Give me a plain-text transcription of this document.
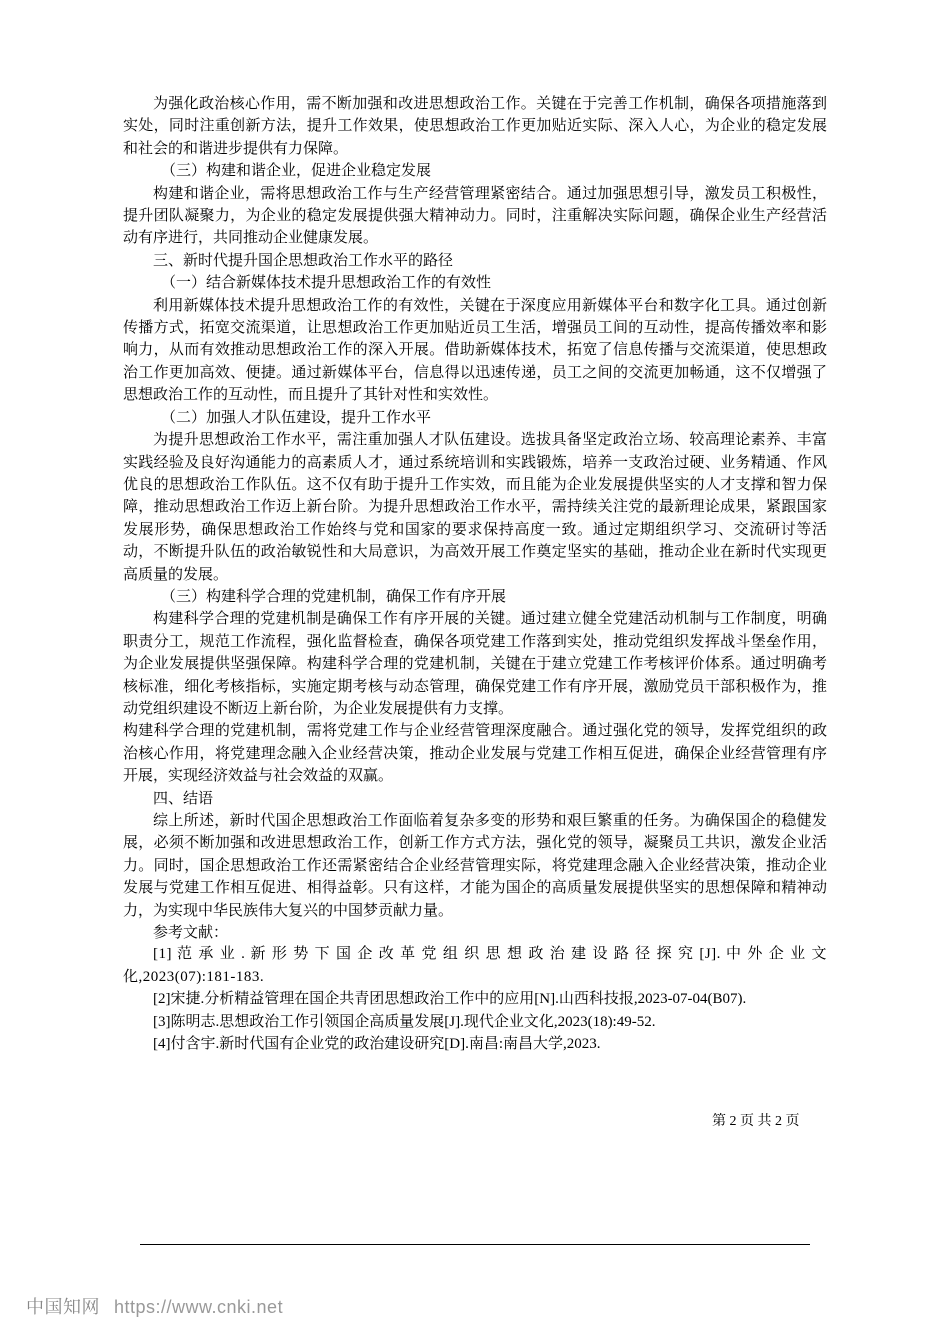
为强化政治核心作用，需不断加强和改进思想政治工作。关键在于完善工作机制，确保各项措施落到实处，同时注重创新方法，提升工作效果，使思想政治工作更加贴近实际、深入人心，为企业的稳定发展和社会的和谐进步提供有力保障。

（三）构建和谐企业，促进企业稳定发展

构建和谐企业，需将思想政治工作与生产经营管理紧密结合。通过加强思想引导，激发员工积极性，提升团队凝聚力，为企业的稳定发展提供强大精神动力。同时，注重解决实际问题，确保企业生产经营活动有序进行，共同推动企业健康发展。

三、新时代提升国企思想政治工作水平的路径

（一）结合新媒体技术提升思想政治工作的有效性

利用新媒体技术提升思想政治工作的有效性，关键在于深度应用新媒体平台和数字化工具。通过创新传播方式，拓宽交流渠道，让思想政治工作更加贴近员工生活，增强员工间的互动性，提高传播效率和影响力，从而有效推动思想政治工作的深入开展。借助新媒体技术，拓宽了信息传播与交流渠道，使思想政治工作更加高效、便捷。通过新媒体平台，信息得以迅速传递，员工之间的交流更加畅通，这不仅增强了思想政治工作的互动性，而且提升了其针对性和实效性。

（二）加强人才队伍建设，提升工作水平

为提升思想政治工作水平，需注重加强人才队伍建设。选拔具备坚定政治立场、较高理论素养、丰富实践经验及良好沟通能力的高素质人才，通过系统培训和实践锻炼，培养一支政治过硬、业务精通、作风优良的思想政治工作队伍。这不仅有助于提升工作实效，而且能为企业发展提供坚实的人才支撑和智力保障，推动思想政治工作迈上新台阶。为提升思想政治工作水平，需持续关注党的最新理论成果，紧跟国家发展形势，确保思想政治工作始终与党和国家的要求保持高度一致。通过定期组织学习、交流研讨等活动，不断提升队伍的政治敏锐性和大局意识，为高效开展工作奠定坚实的基础，推动企业在新时代实现更高质量的发展。

（三）构建科学合理的党建机制，确保工作有序开展

构建科学合理的党建机制是确保工作有序开展的关键。通过建立健全党建活动机制与工作制度，明确职责分工，规范工作流程，强化监督检查，确保各项党建工作落到实处，推动党组织发挥战斗堡垒作用，为企业发展提供坚强保障。构建科学合理的党建机制，关键在于建立党建工作考核评价体系。通过明确考核标准，细化考核指标，实施定期考核与动态管理，确保党建工作有序开展，激励党员干部积极作为，推动党组织建设不断迈上新台阶，为企业发展提供有力支撑。

构建科学合理的党建机制，需将党建工作与企业经营管理深度融合。通过强化党的领导，发挥党组织的政治核心作用，将党建理念融入企业经营决策，推动企业发展与党建工作相互促进，确保企业经营管理有序开展，实现经济效益与社会效益的双赢。

四、结语

综上所述，新时代国企思想政治工作面临着复杂多变的形势和艰巨繁重的任务。为确保国企的稳健发展，必须不断加强和改进思想政治工作，创新工作方式方法，强化党的领导，凝聚员工共识，激发企业活力。同时，国企思想政治工作还需紧密结合企业经营管理实际，将党建理念融入企业经营决策，推动企业发展与党建工作相互促进、相得益彰。只有这样，才能为国企的高质量发展提供坚实的思想保障和精神动力，为实现中华民族伟大复兴的中国梦贡献力量。

参考文献：

[1] 范 承 业 . 新 形 势 下 国 企 改 革 党 组 织 思 想 政 治 建 设 路 径 探 究 [J]. 中 外 企 业 文化,2023(07):181-183.

[2]宋捷.分析精益管理在国企共青团思想政治工作中的应用[N].山西科技报,2023-07-04(B07).

[3]陈明志.思想政治工作引领国企高质量发展[J].现代企业文化,2023(18):49-52.

[4]付含宇.新时代国有企业党的政治建设研究[D].南昌:南昌大学,2023.

第 2 页 共 2 页
中国知网 https://www.cnki.net
